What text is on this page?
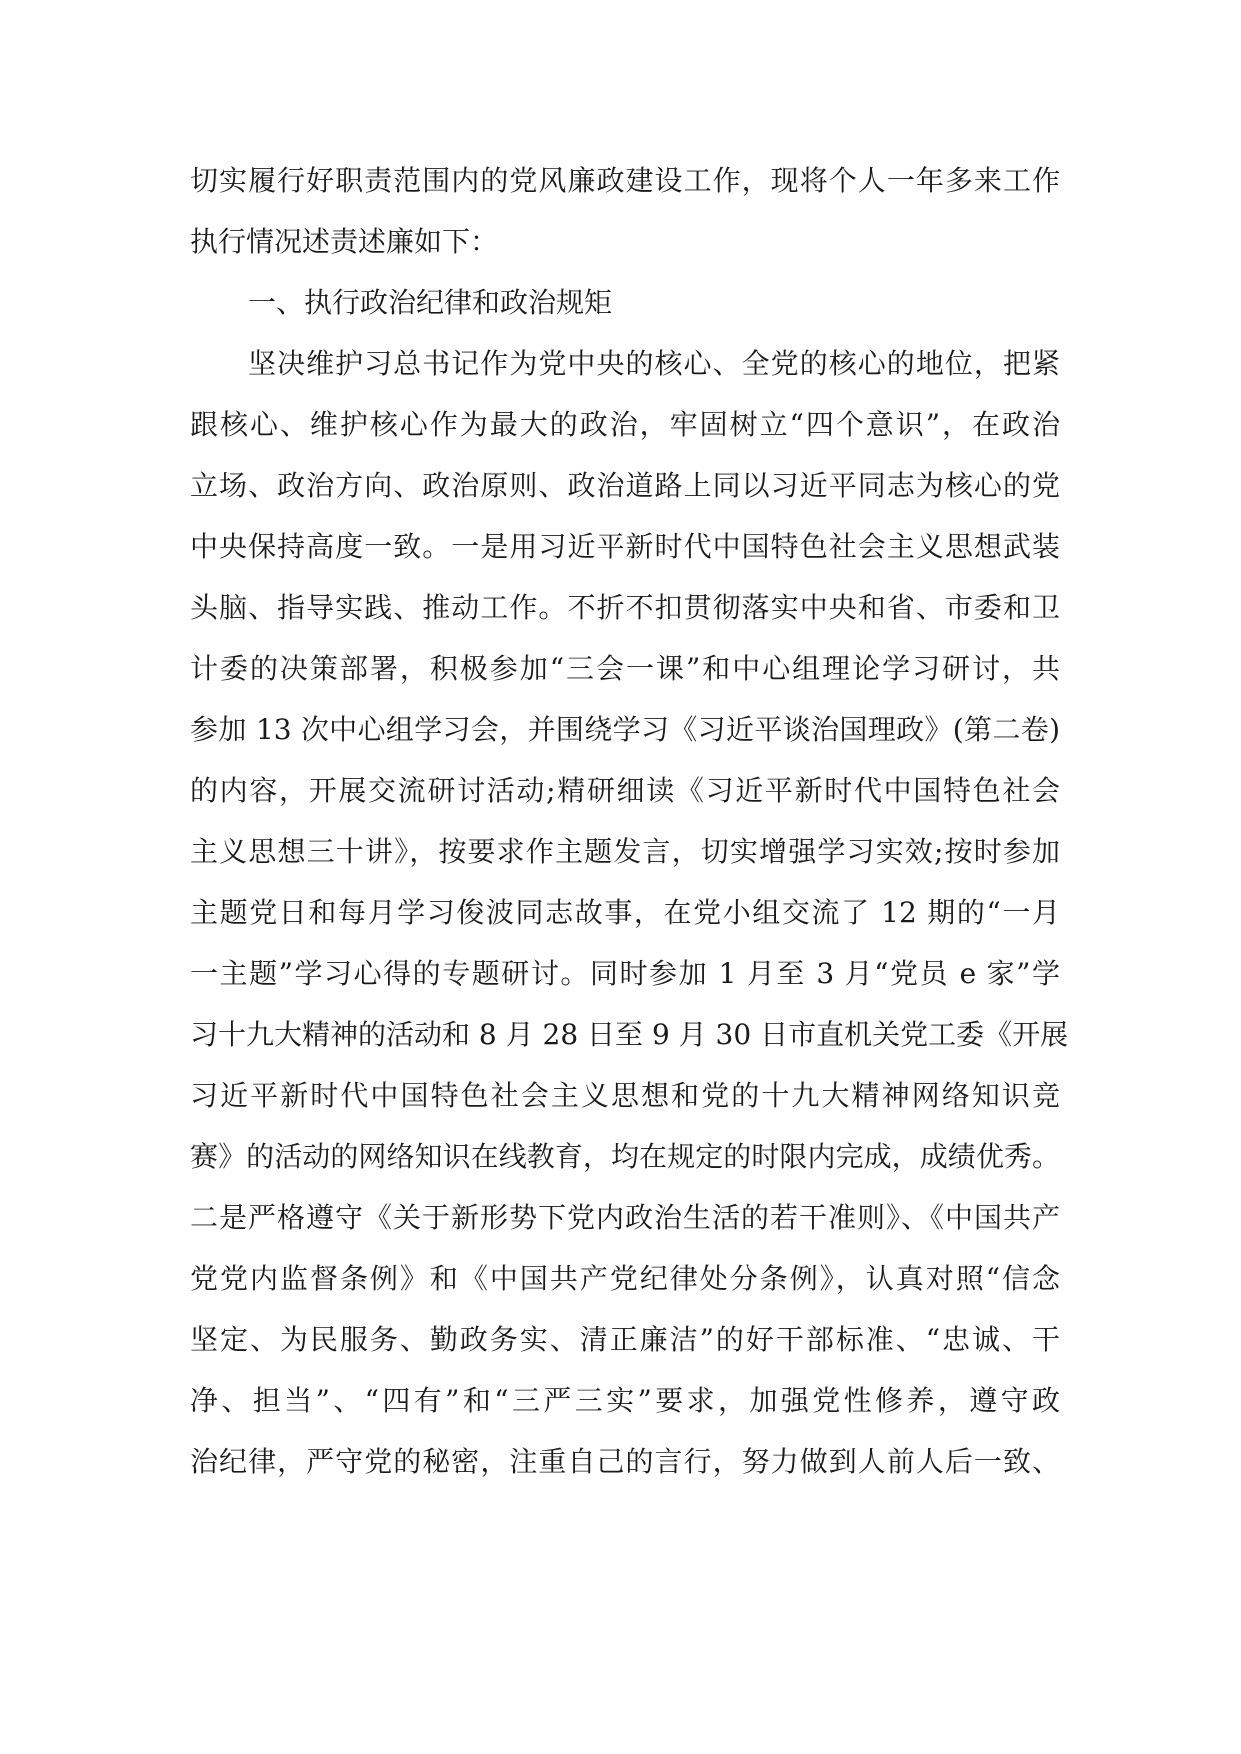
切实履行好职责范围内的党风廉政建设工作，现将个人一年多来工作
执行情况述责述廉如下：
一、执行政治纪律和政治规矩
坚决维护习总书记作为党中央的核心、全党的核心的地位，把紧
跟核心、维护核心作为最大的政治，牢固树立“四个意识”，在政治
立场、政治方向、政治原则、政治道路上同以习近平同志为核心的党
中央保持高度一致。一是用习近平新时代中国特色社会主义思想武装
头脑、指导实践、推动工作。不折不扣贯彻落实中央和省、市委和卫
计委的决策部署，积极参加“三会一课”和中心组理论学习研讨，共
参加 13 次中心组学习会，并围绕学习《习近平谈治国理政》(第二卷)
的内容，开展交流研讨活动;精研细读《习近平新时代中国特色社会
主义思想三十讲》，按要求作主题发言，切实增强学习实效;按时参加
主题党日和每月学习俊波同志故事，在党小组交流了 12 期的“一月
一主题”学习心得的专题研讨。同时参加 1 月至 3 月“党员 e 家”学
习十九大精神的活动和 8 月 28 日至 9 月 30 日市直机关党工委《开展
习近平新时代中国特色社会主义思想和党的十九大精神网络知识竞
赛》的活动的网络知识在线教育，均在规定的时限内完成，成绩优秀。
二是严格遵守《关于新形势下党内政治生活的若干准则》、《中国共产
党党内监督条例》和《中国共产党纪律处分条例》，认真对照“信念
坚定、为民服务、勤政务实、清正廉洁”的好干部标准、“忠诚、干
净、担当”、“四有”和“三严三实”要求，加强党性修养，遵守政
治纪律，严守党的秘密，注重自己的言行，努力做到人前人后一致、
